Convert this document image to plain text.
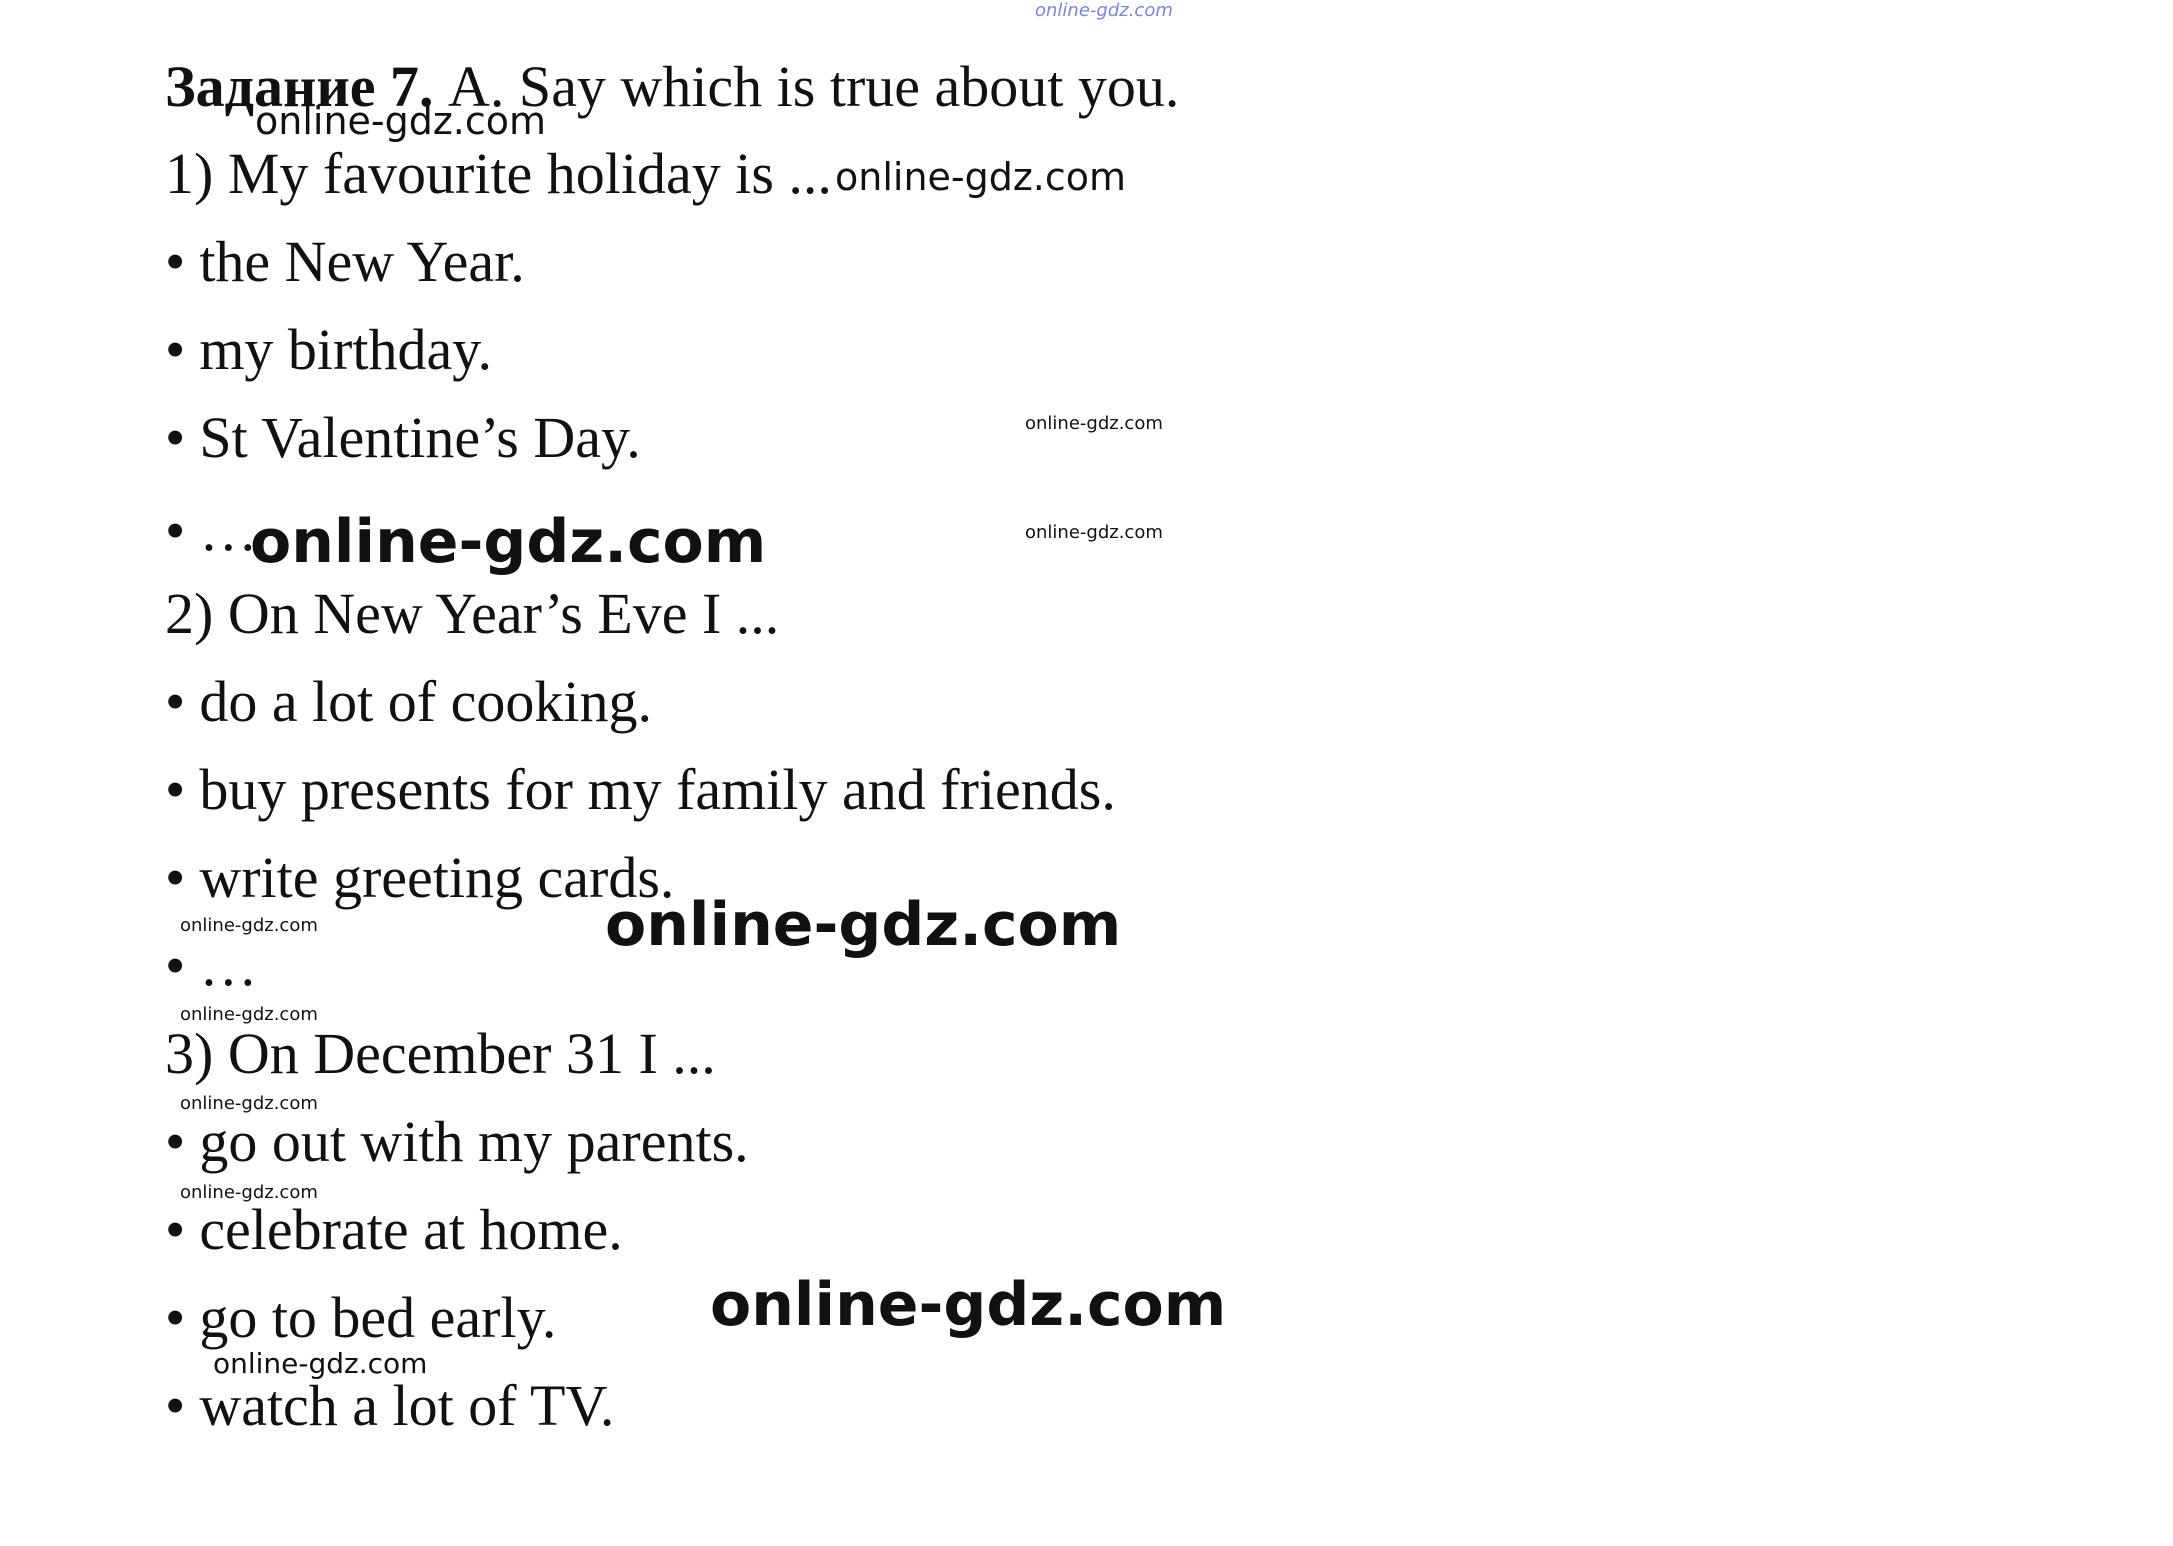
Задание 7. A. Say which is true about you.
1) My favourite holiday is ...
• the New Year.
• my birthday.
• St Valentine’s Day.
• …
2) On New Year’s Eve I ...
• do a lot of cooking.
• buy presents for my family and friends.
• write greeting cards.
• …
3) On December 31 I ...
• go out with my parents.
• celebrate at home.
• go to bed early.
• watch a lot of TV.
online-gdz.com
online-gdz.com
online-gdz.com
online-gdz.com
online-gdz.com
online-gdz.com
online-gdz.com
online-gdz.com
online-gdz.com
online-gdz.com
online-gdz.com
online-gdz.com
online-gdz.com
